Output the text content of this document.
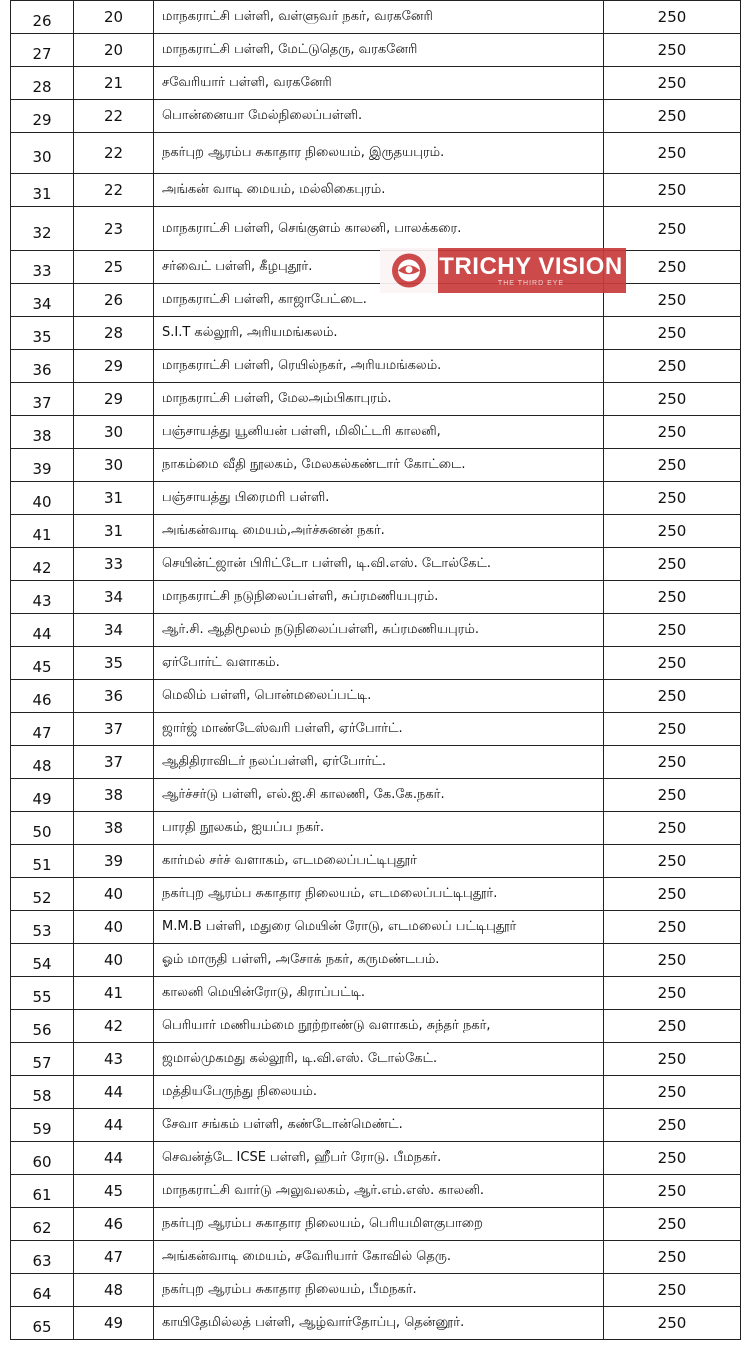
26	20	மாநகராட்சி பள்ளி, வள்ளுவர் நகர், வரகனேரி	250
27	20	மாநகராட்சி பள்ளி, மேட்டுதெரு, வரகனேரி	250
28	21	சவேரியார் பள்ளி, வரகனேரி	250
29	22	பொன்னையா மேல்நிலைப்பள்ளி.	250
30	22	நகர்புற ஆரம்ப சுகாதார நிலையம், இருதயபுரம்.	250
31	22	அங்கன் வாடி மையம், மல்லிகைபுரம்.	250
32	23	மாநகராட்சி பள்ளி, செங்குளம் காலனி, பாலக்கரை.	250
33	25	சர்வைட் பள்ளி, கீழபுதூர்.	250
34	26	மாநகராட்சி பள்ளி, காஜாபேட்டை.	250
35	28	S.I.T கல்லூரி, அரியமங்கலம்.	250
36	29	மாநகராட்சி பள்ளி, ரெயில்நகர், அரியமங்கலம்.	250
37	29	மாநகராட்சி பள்ளி, மேலஅம்பிகாபுரம்.	250
38	30	பஞ்சாயத்து யூனியன் பள்ளி, மிலிட்டரி காலனி,	250
39	30	நாகம்மை வீதி நூலகம், மேலகல்கண்டார் கோட்டை.	250
40	31	பஞ்சாயத்து பிரைமரி பள்ளி.	250
41	31	அங்கன்வாடி மையம்,அர்ச்சுனன் நகர்.	250
42	33	செயின்ட்ஜான் பிரிட்டோ பள்ளி, டி.வி.எஸ். டோல்கேட்.	250
43	34	மாநகராட்சி நடுநிலைப்பள்ளி, சுப்ரமணியபுரம்.	250
44	34	ஆர்.சி. ஆதிமூலம் நடுநிலைப்பள்ளி, சுப்ரமணியபுரம்.	250
45	35	ஏர்போர்ட் வளாகம்.	250
46	36	மெலிம் பள்ளி, பொன்மலைப்பட்டி.	250
47	37	ஜார்ஜ் மாண்டேஸ்வரி பள்ளி, ஏர்போர்ட்.	250
48	37	ஆதிதிராவிடர் நலப்பள்ளி, ஏர்போர்ட்.	250
49	38	ஆர்ச்சர்டு பள்ளி, எல்.ஐ.சி காலணி, கே.கே.நகர்.	250
50	38	பாரதி நூலகம், ஐயப்ப நகர்.	250
51	39	கார்மல் சர்ச் வளாகம், எடமலைப்பட்டிபுதூர்	250
52	40	நகர்புற ஆரம்ப சுகாதார நிலையம், எடமலைப்பட்டிபுதூர்.	250
53	40	M.M.B பள்ளி, மதுரை மெயின் ரோடு, எடமலைப் பட்டிபுதூர்	250
54	40	ஓம் மாருதி பள்ளி, அசோக் நகர், கருமண்டபம்.	250
55	41	காலனி மெயின்ரோடு, கிராப்பட்டி.	250
56	42	பெரியார் மணியம்மை நூற்றாண்டு வளாகம், சுந்தர் நகர்,	250
57	43	ஜமால்முகமது கல்லூரி, டி.வி.எஸ். டோல்கேட்.	250
58	44	மத்தியபேருந்து நிலையம்.	250
59	44	சேவா சங்கம் பள்ளி, கண்டோன்மெண்ட்.	250
60	44	செவன்த்டே ICSE பள்ளி, ஹீபர் ரோடு. பீமநகர்.	250
61	45	மாநகராட்சி வார்டு அலுவலகம், ஆர்.எம்.எஸ். காலனி.	250
62	46	நகர்புற ஆரம்ப சுகாதார நிலையம், பெரியமிளகுபாறை	250
63	47	அங்கன்வாடி மையம், சவேரியார் கோவில் தெரு.	250
64	48	நகர்புற ஆரம்ப சுகாதார நிலையம், பீமநகர்.	250
65	49	காயிதேமில்லத் பள்ளி, ஆழ்வார்தோப்பு, தென்னூர்.	250
TRICHY VISION
THE THIRD EYE
